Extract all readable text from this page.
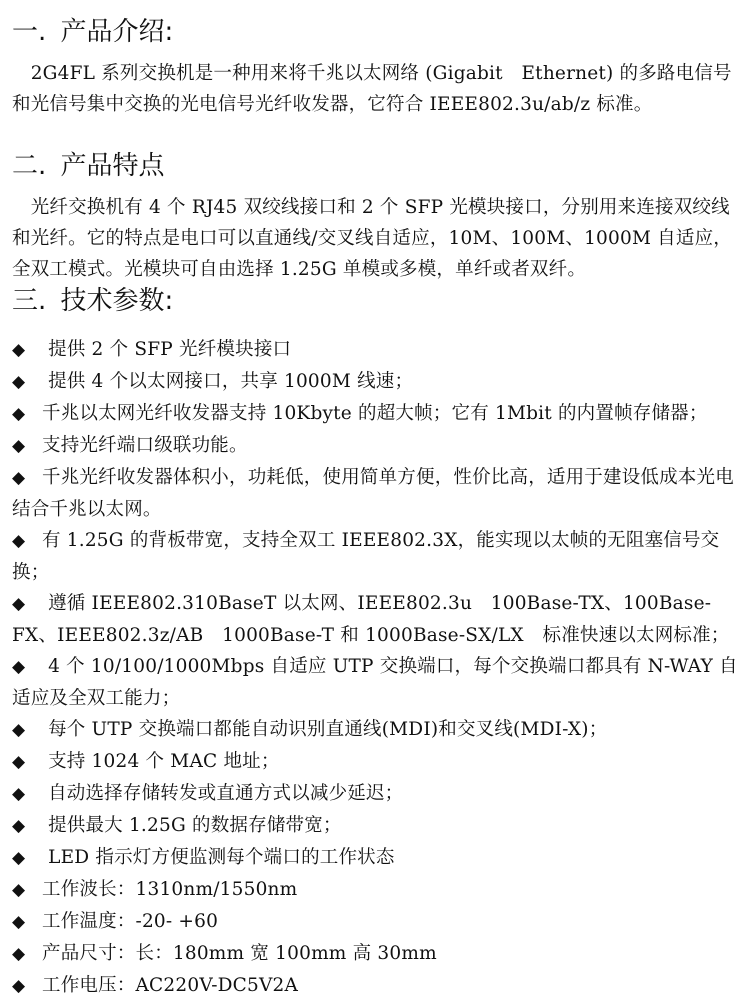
一. 产品介绍:

　2G4FL 系列交换机是一种用来将千兆以太网络 (Gigabit　Ethernet) 的多路电信号和光信号集中交换的光电信号光纤收发器，它符合 IEEE802.3u/ab/z 标准。

二. 产品特点

　光纤交换机有 4 个 RJ45 双绞线接口和 2 个 SFP 光模块接口，分别用来连接双绞线和光纤。它的特点是电口可以直通线/交叉线自适应，10M、100M、1000M 自适应，全双工模式。光模块可自由选择 1.25G 单模或多模，单纤或者双纤。

三. 技术参数:
◆ 提供 2 个 SFP 光纤模块接口
◆ 提供 4 个以太网接口，共享 1000M 线速；
◆ 千兆以太网光纤收发器支持 10Kbyte 的超大帧；它有 1Mbit 的内置帧存储器；
◆ 支持光纤端口级联功能。
◆ 千兆光纤收发器体积小，功耗低，使用简单方便，性价比高，适用于建设低成本光电结合千兆以太网。
◆ 有 1.25G 的背板带宽，支持全双工 IEEE802.3X，能实现以太帧的无阻塞信号交换；
◆ 遵循 IEEE802.310BaseT 以太网、IEEE802.3u　100Base-TX、100Base-FX、IEEE802.3z/AB　1000Base-T 和 1000Base-SX/LX　标准快速以太网标准；
◆ 4 个 10/100/1000Mbps 自适应 UTP 交换端口，每个交换端口都具有 N-WAY 自适应及全双工能力；
◆ 每个 UTP 交换端口都能自动识别直通线(MDI)和交叉线(MDI-X)；
◆ 支持 1024 个 MAC 地址；
◆ 自动选择存储转发或直通方式以减少延迟；
◆ 提供最大 1.25G 的数据存储带宽；
◆ LED 指示灯方便监测每个端口的工作状态
◆ 工作波长：1310nm/1550nm
◆ 工作温度：-20- +60
◆ 产品尺寸：长：180mm 宽 100mm 高 30mm
◆ 工作电压：AC220V-DC5V2A
